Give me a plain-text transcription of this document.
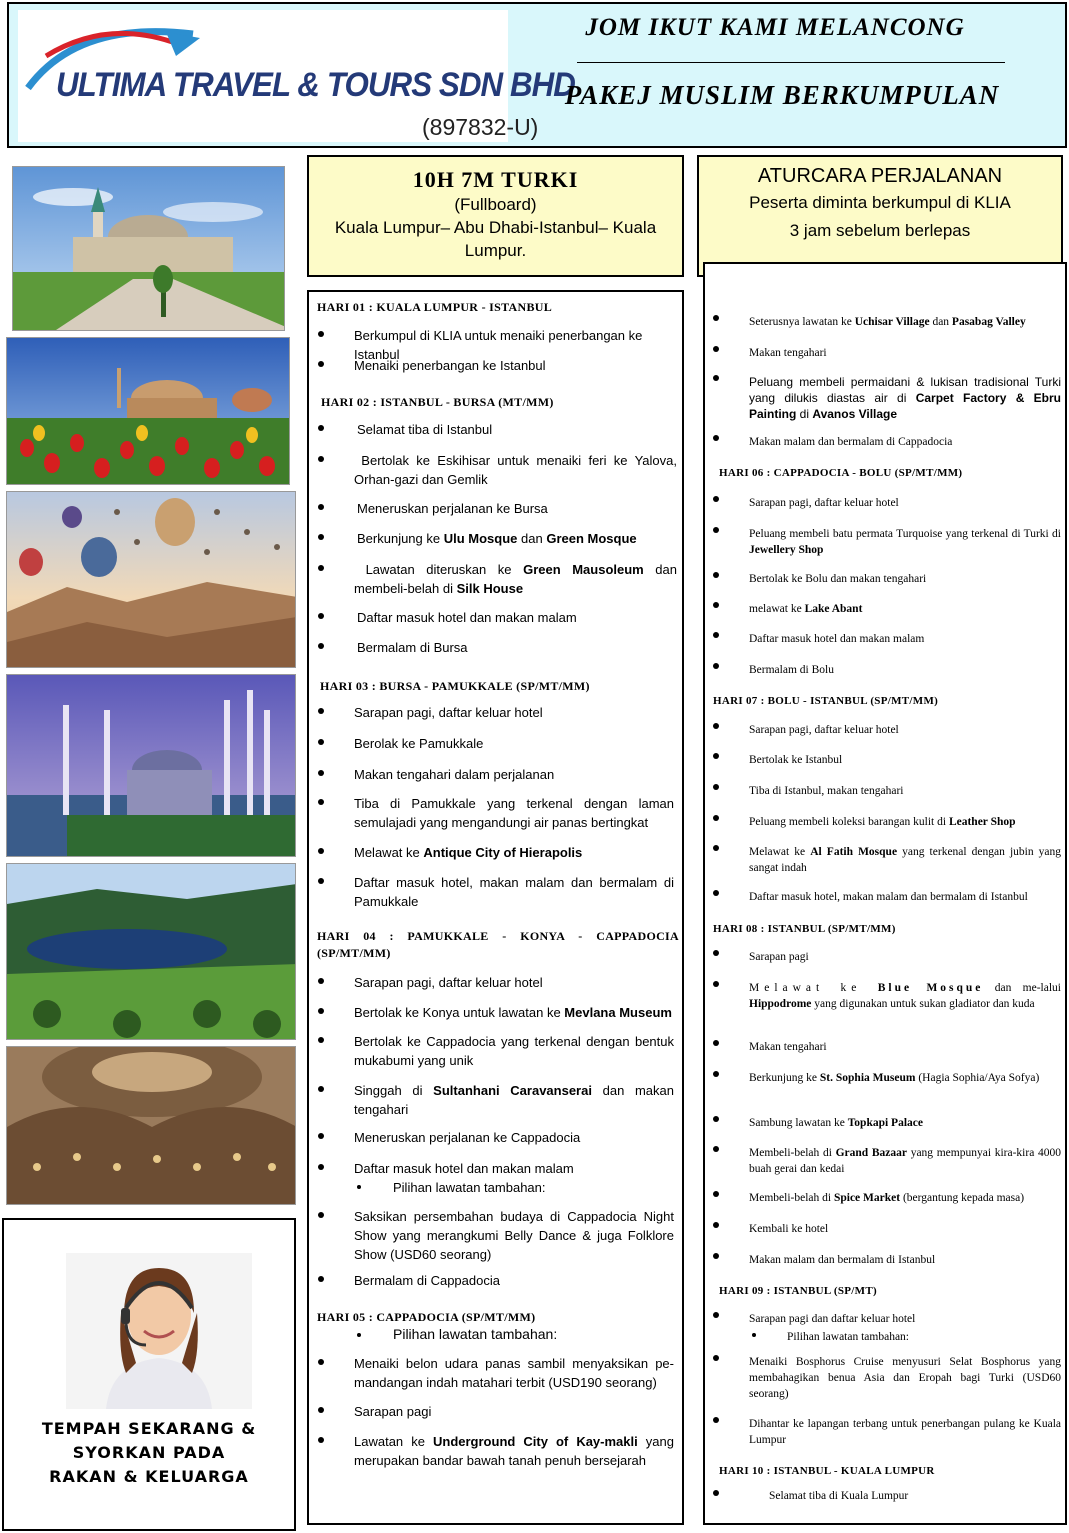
ULTIMA TRAVEL & TOURS SDN BHD
(897832-U)
JOM IKUT KAMI MELANCONG
PAKEJ MUSLIM BERKUMPULAN
TEMPAH SEKARANG &
SYORKAN PADA
RAKAN & KELUARGA
10H 7M TURKI
(Fullboard)
Kuala Lumpur– Abu Dhabi-Istanbul– Kuala Lumpur.
ATURCARA PERJALANAN
Peserta diminta berkumpul di KLIA
3 jam sebelum berlepas
HARI 01 : KUALA LUMPUR - ISTANBUL
Berkumpul di KLIA untuk menaiki penerbangan ke Istanbul
Menaiki penerbangan ke Istanbul
HARI 02 : ISTANBUL - BURSA (MT/MM)
Selamat tiba di Istanbul
Bertolak ke Eskihisar untuk menaiki feri ke Yalova, Orhan-gazi dan Gemlik
Meneruskan perjalanan ke Bursa
Berkunjung ke Ulu Mosque dan Green Mosque
Lawatan diteruskan ke Green Mausoleum dan membeli-belah di Silk House
Daftar masuk hotel dan makan malam
Bermalam di Bursa
HARI 03 : BURSA - PAMUKKALE (SP/MT/MM)
Sarapan pagi, daftar keluar hotel
Berolak ke Pamukkale
Makan tengahari dalam perjalanan
Tiba di Pamukkale yang terkenal dengan laman semulajadi yang mengandungi air panas bertingkat
Melawat ke Antique City of Hierapolis
Daftar masuk hotel, makan malam dan bermalam di Pamukkale
HARI 04 : PAMUKKALE - KONYA - CAPPADOCIA (SP/MT/MM)
Sarapan pagi, daftar keluar hotel
Bertolak ke Konya untuk lawatan ke Mevlana Museum
Bertolak ke Cappadocia yang terkenal dengan bentuk mukabumi yang unik
Singgah di Sultanhani Caravanserai dan makan tengahari
Meneruskan perjalanan ke Cappadocia
Daftar masuk hotel dan makan malam
Pilihan lawatan tambahan:
Saksikan persembahan budaya di Cappadocia Night Show yang merangkumi Belly Dance & juga Folklore Show (USD60 seorang)
Bermalam di Cappadocia
HARI 05 : CAPPADOCIA (SP/MT/MM)
Pilihan lawatan tambahan:
Menaiki belon udara panas sambil menyaksikan pe-mandangan indah matahari terbit (USD190 seorang)
Sarapan pagi
Lawatan ke Underground City of Kay-makli yang merupakan bandar bawah tanah penuh bersejarah
Seterusnya lawatan ke Uchisar Village dan Pasabag Valley
Makan tengahari
Peluang membeli permaidani & lukisan tradisional Turki yang dilukis diastas air di Carpet Factory & Ebru Painting di Avanos Village
Makan malam dan bermalam di Cappadocia
HARI 06 : CAPPADOCIA - BOLU (SP/MT/MM)
Sarapan pagi, daftar keluar hotel
Peluang membeli batu permata Turquoise yang terkenal di Turki di Jewellery Shop
Bertolak ke Bolu dan makan tengahari
melawat ke Lake Abant
Daftar masuk hotel dan makan malam
Bermalam di Bolu
HARI 07 : BOLU - ISTANBUL (SP/MT/MM)
Sarapan pagi, daftar keluar hotel
Bertolak ke Istanbul
Tiba di Istanbul, makan tengahari
Peluang membeli koleksi barangan kulit di Leather Shop
Melawat ke Al Fatih Mosque yang terkenal dengan jubin yang sangat indah
Daftar masuk hotel, makan malam dan bermalam di Istanbul
HARI 08 : ISTANBUL (SP/MT/MM)
Sarapan pagi
Melawat ke Blue Mosque dan me-lalui Hippodrome yang digunakan untuk sukan gladiator dan kuda
Makan tengahari
Berkunjung ke St. Sophia Museum (Hagia Sophia/Aya Sofya)
Sambung lawatan ke Topkapi Palace
Membeli-belah di Grand Bazaar yang mempunyai kira-kira 4000 buah gerai dan kedai
Membeli-belah di Spice Market (bergantung kepada masa)
Kembali ke hotel
Makan malam dan bermalam di Istanbul
HARI 09 : ISTANBUL (SP/MT)
Sarapan pagi dan daftar keluar hotel
Pilihan lawatan tambahan:
Menaiki Bosphorus Cruise menyusuri Selat Bosphorus yang membahagikan benua Asia dan Eropah bagi Turki (USD60 seorang)
Dihantar ke lapangan terbang untuk penerbangan pulang ke Kuala Lumpur
HARI 10 : ISTANBUL - KUALA LUMPUR
Selamat tiba di Kuala Lumpur
